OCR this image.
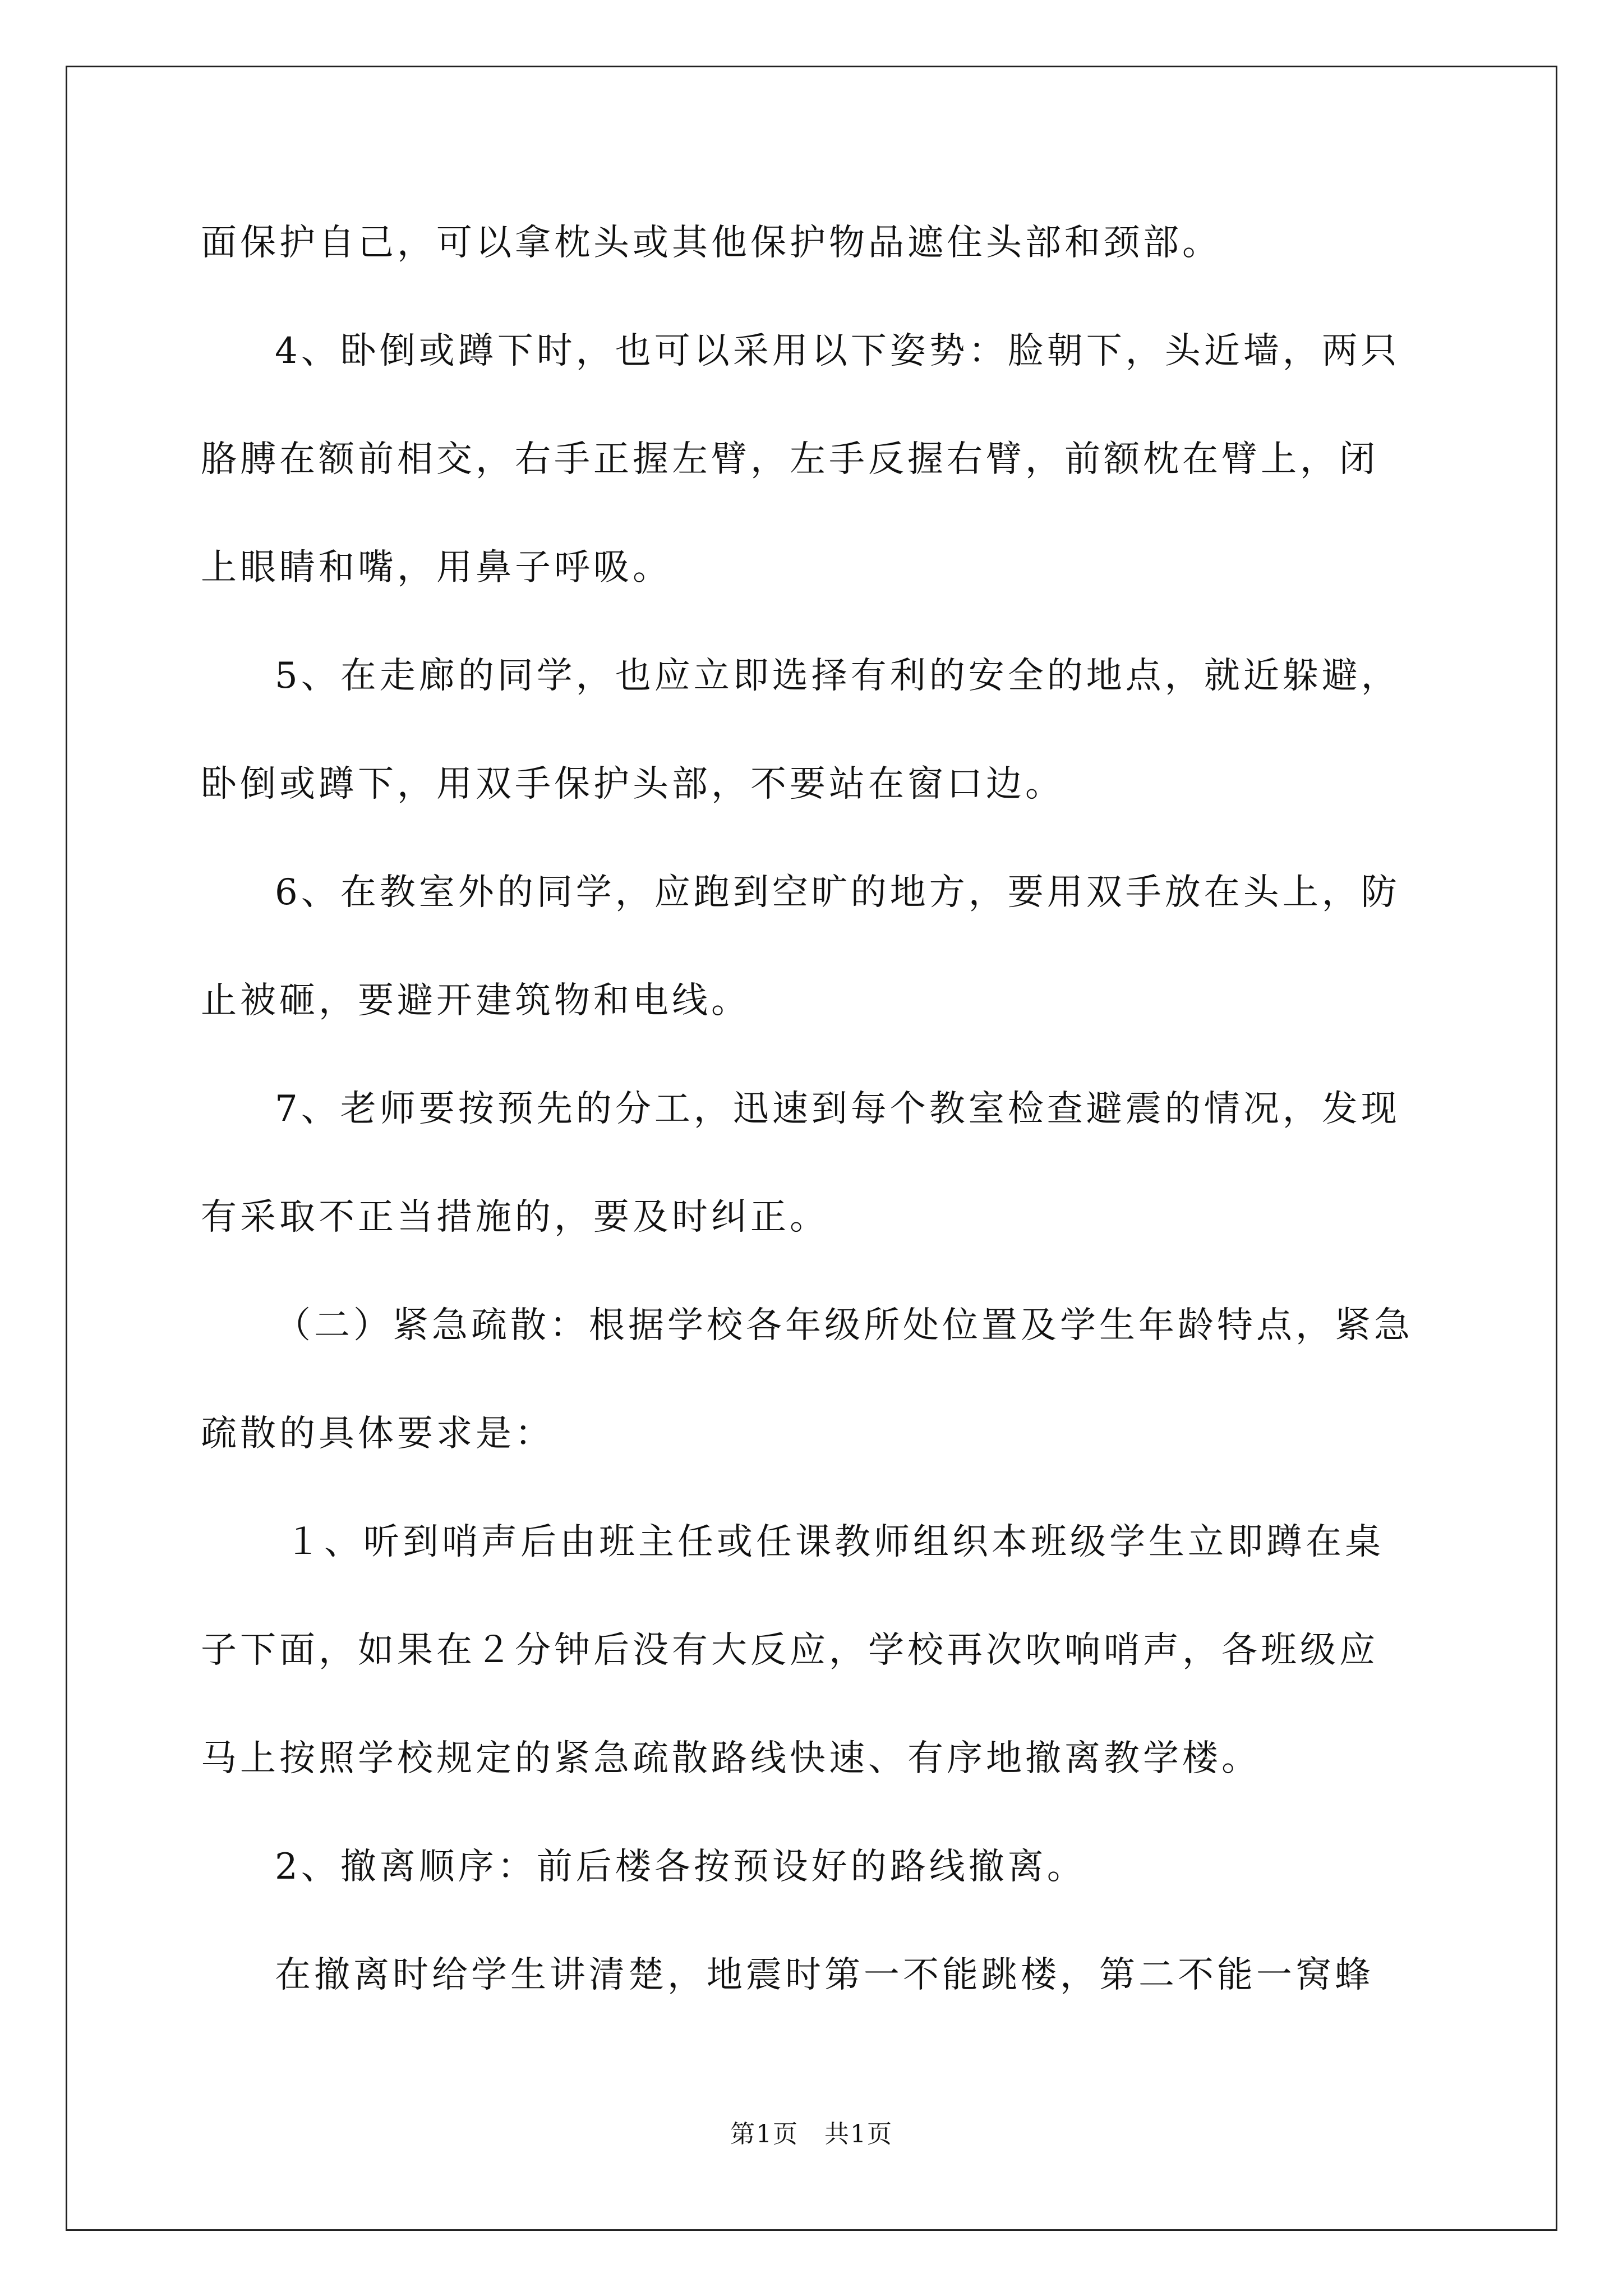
面保护自己，可以拿枕头或其他保护物品遮住头部和颈部。
4、卧倒或蹲下时，也可以采用以下姿势：脸朝下，头近墙，两只
胳膊在额前相交，右手正握左臂，左手反握右臂，前额枕在臂上，闭
上眼睛和嘴，用鼻子呼吸。
5、在走廊的同学，也应立即选择有利的安全的地点，就近躲避，
卧倒或蹲下，用双手保护头部，不要站在窗口边。
6、在教室外的同学，应跑到空旷的地方，要用双手放在头上，防
止被砸，要避开建筑物和电线。
7、老师要按预先的分工，迅速到每个教室检查避震的情况，发现
有采取不正当措施的，要及时纠正。
（二）紧急疏散：根据学校各年级所处位置及学生年龄特点，紧急
疏散的具体要求是：
１、听到哨声后由班主任或任课教师组织本班级学生立即蹲在桌
子下面，如果在２分钟后没有大反应，学校再次吹响哨声，各班级应
马上按照学校规定的紧急疏散路线快速、有序地撤离教学楼。
2、撤离顺序：前后楼各按预设好的路线撤离。
在撤离时给学生讲清楚，地震时第一不能跳楼，第二不能一窝蜂
第1页　共1页
